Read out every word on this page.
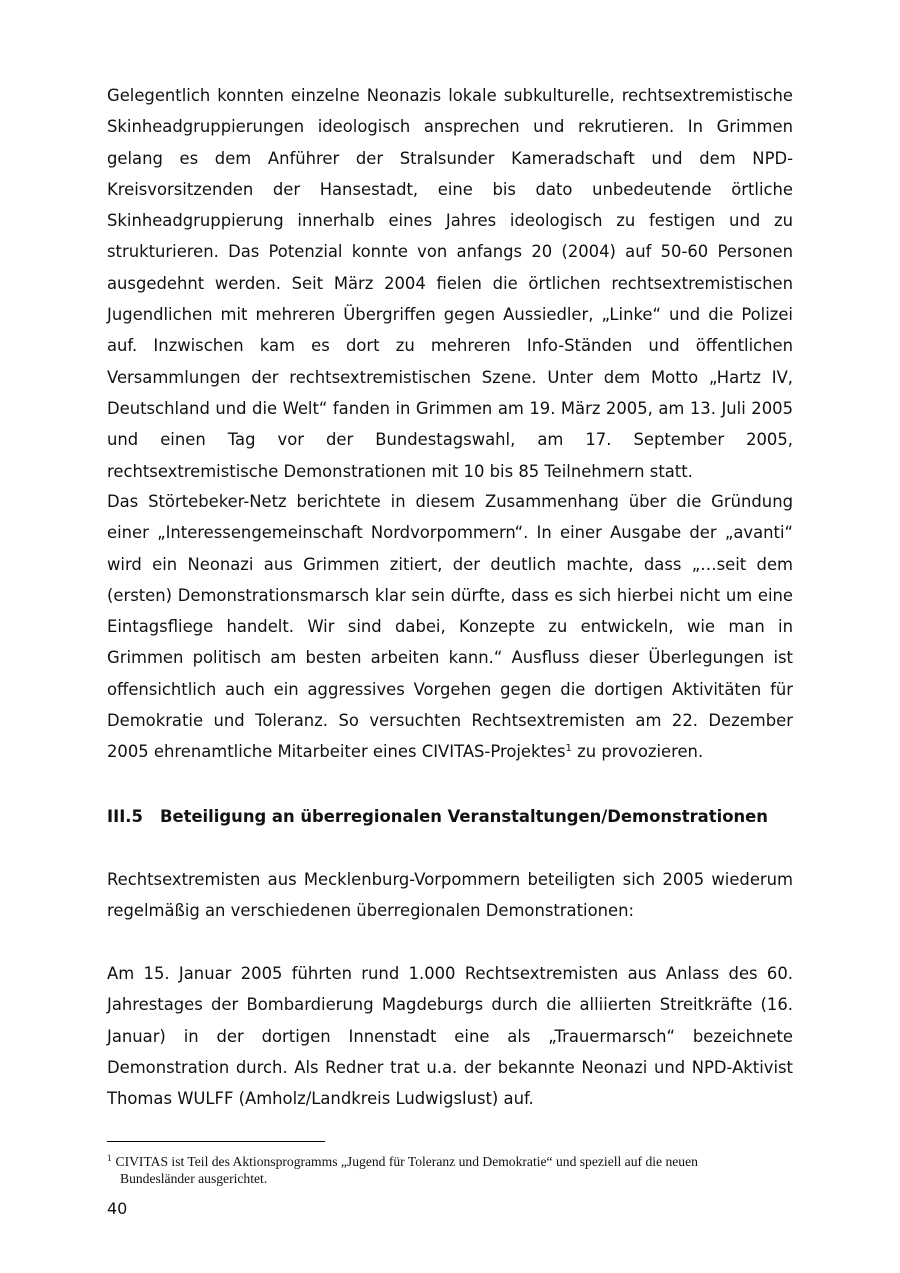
Gelegentlich konnten einzelne Neonazis lokale subkulturelle, rechtsextremistische Skinheadgruppierungen ideologisch ansprechen und rekrutieren. In Grimmen gelang es dem Anführer der Stralsunder Kameradschaft und dem NPD-Kreisvorsitzenden der Hansestadt, eine bis dato unbedeutende örtliche Skinheadgruppierung innerhalb eines Jahres ideologisch zu festigen und zu strukturieren. Das Potenzial konnte von anfangs 20 (2004) auf 50-60 Personen ausgedehnt werden. Seit März 2004 fielen die örtlichen rechtsextremistischen Jugendlichen mit mehreren Übergriffen gegen Aussiedler, „Linke“ und die Polizei auf. Inzwischen kam es dort zu mehreren Info-Ständen und öffentlichen Versammlungen der rechtsextremistischen Szene. Unter dem Motto „Hartz IV, Deutschland und die Welt“ fanden in Grimmen am 19. März 2005, am 13. Juli 2005 und einen Tag vor der Bundestagswahl, am 17. September 2005, rechtsextremistische Demonstrationen mit 10 bis 85 Teilnehmern statt.

Das Störtebeker-Netz berichtete in diesem Zusammenhang über die Gründung einer „Interessengemeinschaft Nordvorpommern“. In einer Ausgabe der „avanti“ wird ein Neonazi aus Grimmen zitiert, der deutlich machte, dass „…seit dem (ersten) Demonstrationsmarsch klar sein dürfte, dass es sich hierbei nicht um eine Eintagsfliege handelt. Wir sind dabei, Konzepte zu entwickeln, wie man in Grimmen politisch am besten arbeiten kann.“ Ausfluss dieser Überlegungen ist offensichtlich auch ein aggressives Vorgehen gegen die dortigen Aktivitäten für Demokratie und Toleranz. So versuchten Rechtsextremisten am 22. Dezember 2005 ehrenamtliche Mitarbeiter eines CIVITAS-Projektes$^1$ zu provozieren.

III.5 Beteiligung an überregionalen Veranstaltungen/Demonstrationen

Rechtsextremisten aus Mecklenburg-Vorpommern beteiligten sich 2005 wiederum regelmäßig an verschiedenen überregionalen Demonstrationen:

Am 15. Januar 2005 führten rund 1.000 Rechtsextremisten aus Anlass des 60. Jahrestages der Bombardierung Magdeburgs durch die alliierten Streitkräfte (16. Januar) in der dortigen Innenstadt eine als „Trauermarsch“ bezeichnete Demonstration durch. Als Redner trat u.a. der bekannte Neonazi und NPD-Aktivist Thomas WULFF (Amholz/Landkreis Ludwigslust) auf.

$^1$ CIVITAS ist Teil des Aktionsprogramms „Jugend für Toleranz und Demokratie“ und speziell auf die neuen
Bundesländer ausgerichtet.

40
